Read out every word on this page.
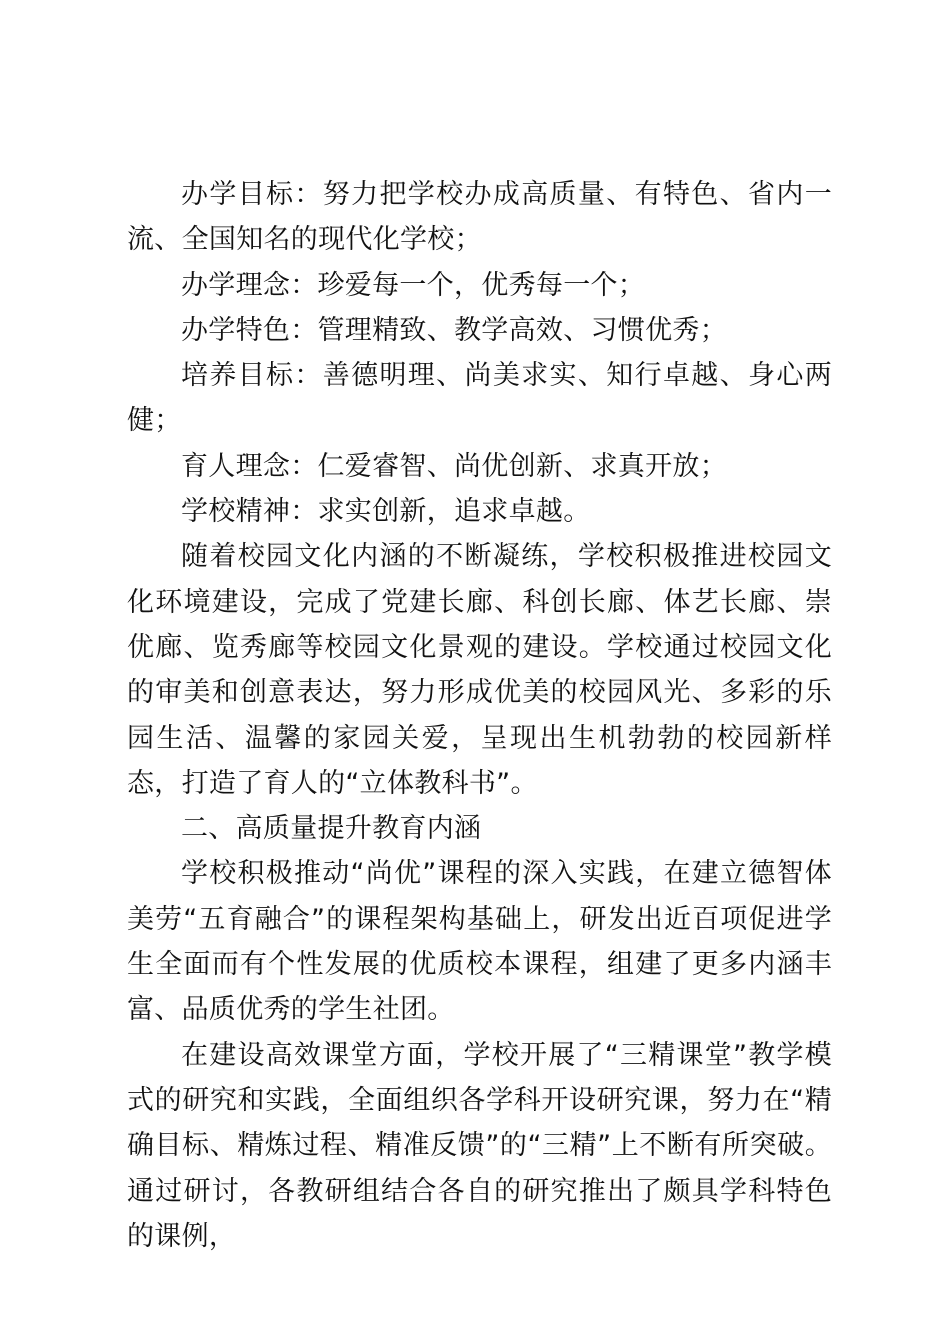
办学目标：努力把学校办成高质量、有特色、省内一流、全国知名的现代化学校；

办学理念：珍爱每一个，优秀每一个；

办学特色：管理精致、教学高效、习惯优秀；

培养目标：善德明理、尚美求实、知行卓越、身心两健；

育人理念：仁爱睿智、尚优创新、求真开放；

学校精神：求实创新，追求卓越。

随着校园文化内涵的不断凝练，学校积极推进校园文化环境建设，完成了党建长廊、科创长廊、体艺长廊、崇优廊、览秀廊等校园文化景观的建设。学校通过校园文化的审美和创意表达，努力形成优美的校园风光、多彩的乐园生活、温馨的家园关爱，呈现出生机勃勃的校园新样态，打造了育人的“立体教科书”。

二、高质量提升教育内涵

学校积极推动“尚优”课程的深入实践，在建立德智体美劳“五育融合”的课程架构基础上，研发出近百项促进学生全面而有个性发展的优质校本课程，组建了更多内涵丰富、品质优秀的学生社团。

在建设高效课堂方面，学校开展了“三精课堂”教学模式的研究和实践，全面组织各学科开设研究课，努力在“精确目标、精炼过程、精准反馈”的“三精”上不断有所突破。通过研讨，各教研组结合各自的研究推出了颇具学科特色的课例，
